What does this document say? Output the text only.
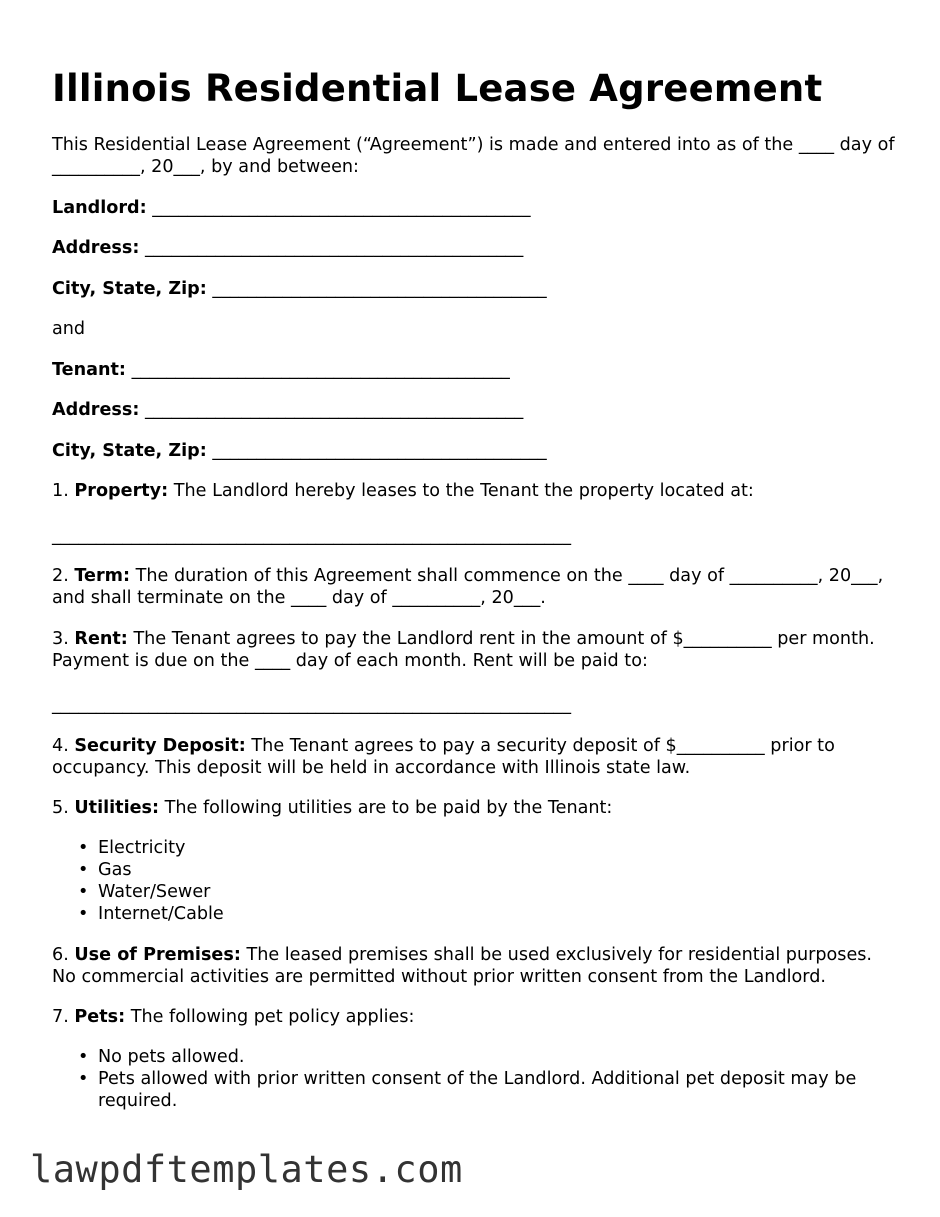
Illinois Residential Lease Agreement

This Residential Lease Agreement (“Agreement”) is made and entered into as of the ____ day of __________, 20___, by and between:

Landlord: ___________________________________________

Address: ___________________________________________

City, State, Zip: ______________________________________

and

Tenant: ___________________________________________

Address: ___________________________________________

City, State, Zip: ______________________________________

1. Property: The Landlord hereby leases to the Tenant the property located at:

___________________________________________________________

2. Term: The duration of this Agreement shall commence on the ____ day of __________, 20___, and shall terminate on the ____ day of __________, 20___.

3. Rent: The Tenant agrees to pay the Landlord rent in the amount of $__________ per month. Payment is due on the ____ day of each month. Rent will be paid to:

___________________________________________________________

4. Security Deposit: The Tenant agrees to pay a security deposit of $__________ prior to occupancy. This deposit will be held in accordance with Illinois state law.

5. Utilities: The following utilities are to be paid by the Tenant:

• Electricity
• Gas
• Water/Sewer
• Internet/Cable

6. Use of Premises: The leased premises shall be used exclusively for residential purposes. No commercial activities are permitted without prior written consent from the Landlord.

7. Pets: The following pet policy applies:

• No pets allowed.
• Pets allowed with prior written consent of the Landlord. Additional pet deposit may be required.
lawpdftemplates.com
